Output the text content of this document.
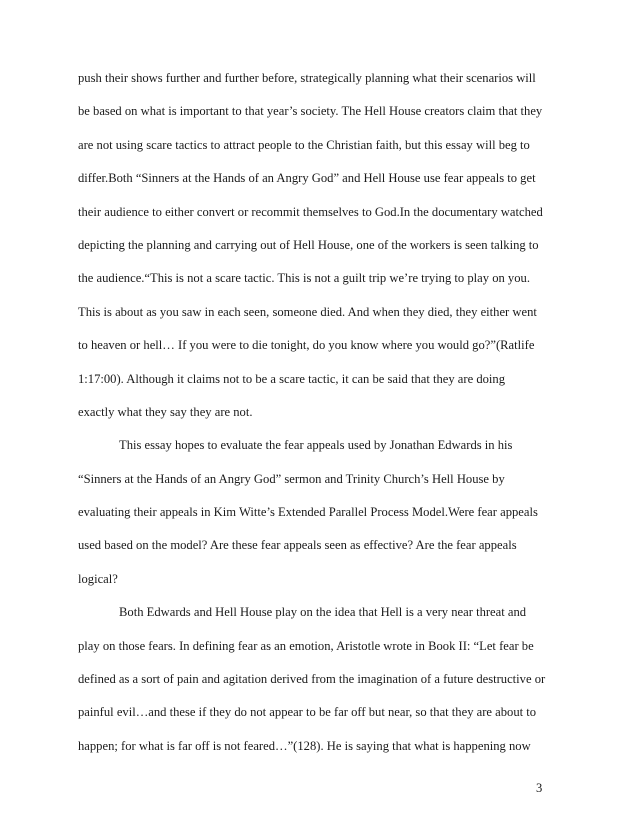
push their shows further and further before, strategically planning what their scenarios will
be based on what is important to that year’s society. The Hell House creators claim that they
are not using scare tactics to attract people to the Christian faith, but this essay will beg to
differ.Both “Sinners at the Hands of an Angry God” and Hell House use fear appeals to get
their audience to either convert or recommit themselves to God.In the documentary watched
depicting the planning and carrying out of Hell House, one of the workers is seen talking to
the audience.“This is not a scare tactic. This is not a guilt trip we’re trying to play on you.
This is about as you saw in each seen, someone died. And when they died, they either went
to heaven or hell… If you were to die tonight, do you know where you would go?”(Ratlife
1:17:00). Although it claims not to be a scare tactic, it can be said that they are doing
exactly what they say they are not.
This essay hopes to evaluate the fear appeals used by Jonathan Edwards in his
“Sinners at the Hands of an Angry God” sermon and Trinity Church’s Hell House by
evaluating their appeals in Kim Witte’s Extended Parallel Process Model.Were fear appeals
used based on the model? Are these fear appeals seen as effective? Are the fear appeals
logical?
Both Edwards and Hell House play on the idea that Hell is a very near threat and
play on those fears. In defining fear as an emotion, Aristotle wrote in Book II: “Let fear be
defined as a sort of pain and agitation derived from the imagination of a future destructive or
painful evil…and these if they do not appear to be far off but near, so that they are about to
happen; for what is far off is not feared…”(128). He is saying that what is happening now
3
